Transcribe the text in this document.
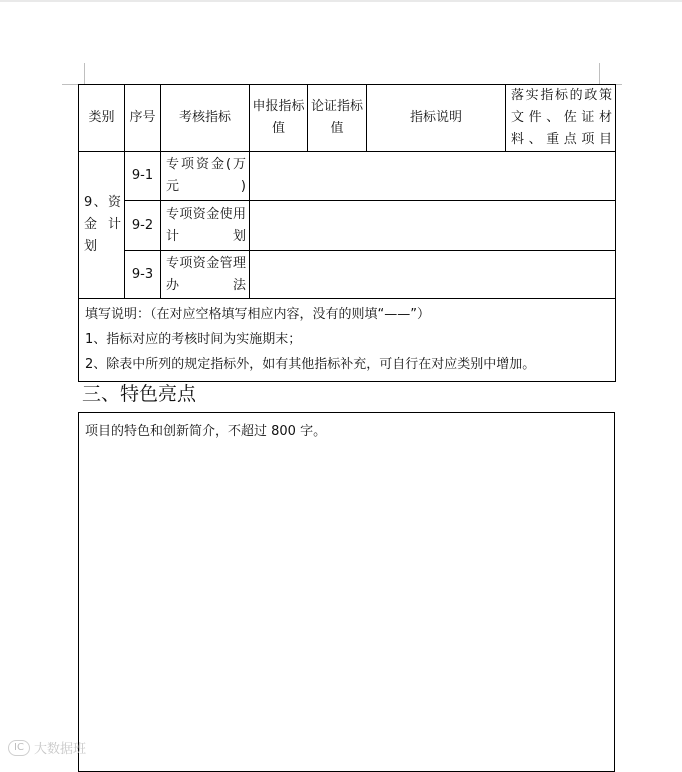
类别	序号	考核指标	申报指标值	论证指标值	指标说明	落实指标的政策文件、佐证材料、重点项目
9、资金计划	9-1	专项资金(万元)				
	9-2	专项资金使用计划				
	9-3	专项资金管理办法				

填写说明：（在对应空格填写相应内容，没有的则填“——”）
1、指标对应的考核时间为实施期末；
2、除表中所列的规定指标外，如有其他指标补充，可自行在对应类别中增加。						
三、特色亮点
项目的特色和创新简介，不超过 800 字。
IC 大数据班
